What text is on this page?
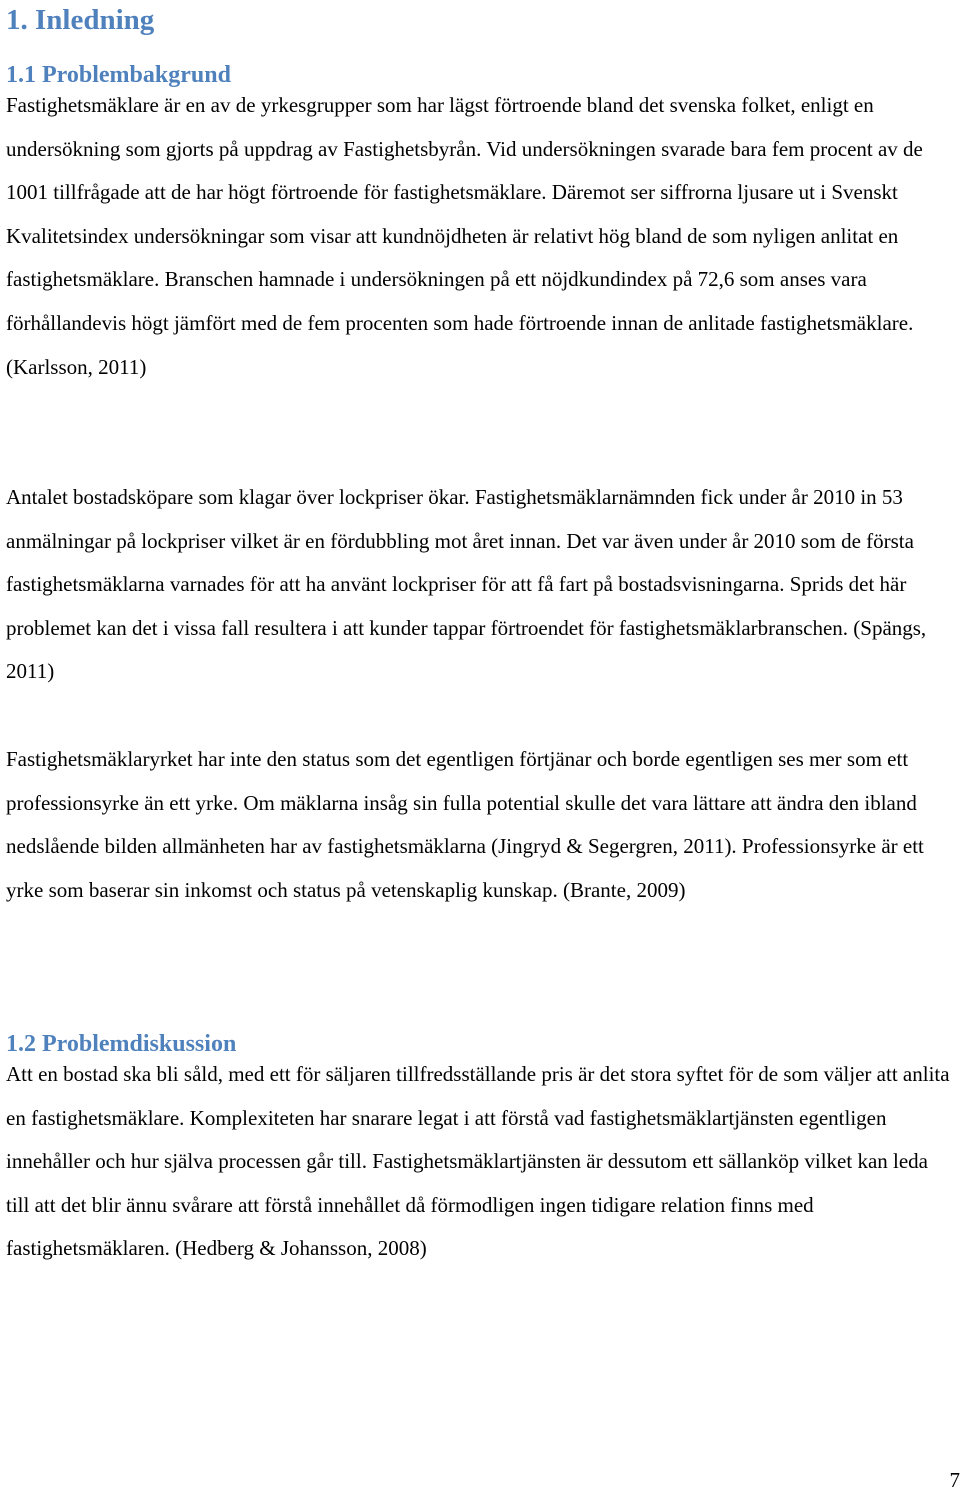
1. Inledning
1.1 Problembakgrund

Fastighetsmäklare är en av de yrkesgrupper som har lägst förtroende bland det svenska folket, enligt en undersökning som gjorts på uppdrag av Fastighetsbyrån. Vid undersökningen svarade bara fem procent av de 1001 tillfrågade att de har högt förtroende för fastighetsmäklare. Däremot ser siffrorna ljusare ut i Svenskt Kvalitetsindex undersökningar som visar att kundnöjdheten är relativt hög bland de som nyligen anlitat en fastighetsmäklare. Branschen hamnade i undersökningen på ett nöjdkundindex på 72,6 som anses vara förhållandevis högt jämfört med de fem procenten som hade förtroende innan de anlitade fastighetsmäklare. (Karlsson, 2011)

Antalet bostadsköpare som klagar över lockpriser ökar. Fastighetsmäklarnämnden fick under år 2010 in 53 anmälningar på lockpriser vilket är en fördubbling mot året innan. Det var även under år 2010 som de första fastighetsmäklarna varnades för att ha använt lockpriser för att få fart på bostadsvisningarna. Sprids det här problemet kan det i vissa fall resultera i att kunder tappar förtroendet för fastighetsmäklarbranschen. (Spängs, 2011)

Fastighetsmäklaryrket har inte den status som det egentligen förtjänar och borde egentligen ses mer som ett professionsyrke än ett yrke. Om mäklarna insåg sin fulla potential skulle det vara lättare att ändra den ibland nedslående bilden allmänheten har av fastighetsmäklarna (Jingryd & Segergren, 2011). Professionsyrke är ett yrke som baserar sin inkomst och status på vetenskaplig kunskap. (Brante, 2009)

1.2 Problemdiskussion

Att en bostad ska bli såld, med ett för säljaren tillfredsställande pris är det stora syftet för de som väljer att anlita en fastighetsmäklare. Komplexiteten har snarare legat i att förstå vad fastighetsmäklartjänsten egentligen innehåller och hur själva processen går till. Fastighetsmäklartjänsten är dessutom ett sällanköp vilket kan leda till att det blir ännu svårare att förstå innehållet då förmodligen ingen tidigare relation finns med fastighetsmäklaren. (Hedberg & Johansson, 2008)

7
